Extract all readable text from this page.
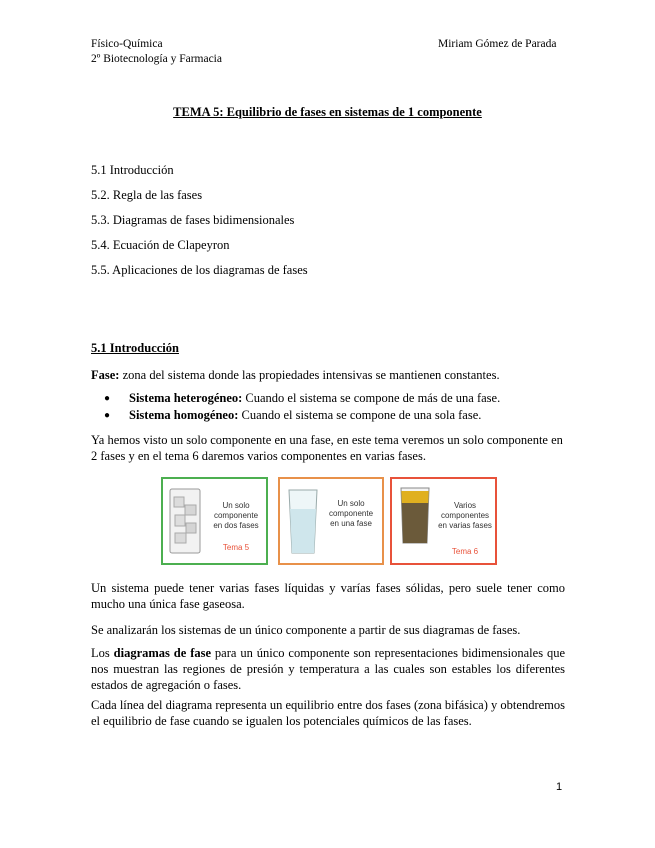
Físico-Química
2º Biotecnología y Farmacia
Miriam Gómez de Parada
TEMA 5: Equilibrio de fases en sistemas de 1 componente
5.1 Introducción
5.2. Regla de las fases
5.3. Diagramas de fases bidimensionales
5.4. Ecuación de Clapeyron
5.5. Aplicaciones de los diagramas de fases
5.1 Introducción
Fase: zona del sistema donde las propiedades intensivas se mantienen constantes.
●	Sistema heterogéneo: Cuando el sistema se compone de más de una fase.
●	Sistema homogéneo: Cuando el sistema se compone de una sola fase.
Ya hemos visto un solo componente en una fase, en este tema veremos un solo componente en 2 fases y en el tema 6 daremos varios componentes en varias fases.
Un solo
componente
en dos fases
Tema 5
Un solo
componente
en una fase
Varios
componentes
en varias fases
Tema 6
Un sistema puede tener varias fases líquidas y varías fases sólidas, pero suele tener como mucho una única fase gaseosa.
Se analizarán los sistemas de un único componente a partir de sus diagramas de fases.
Los diagramas de fase para un único componente son representaciones bidimensionales que nos muestran las regiones de presión y temperatura a las cuales son estables los diferentes estados de agregación o fases.
Cada línea del diagrama representa un equilibrio entre dos fases (zona bifásica) y obtendremos el equilibrio de fase cuando se igualen los potenciales químicos de las fases.
1
